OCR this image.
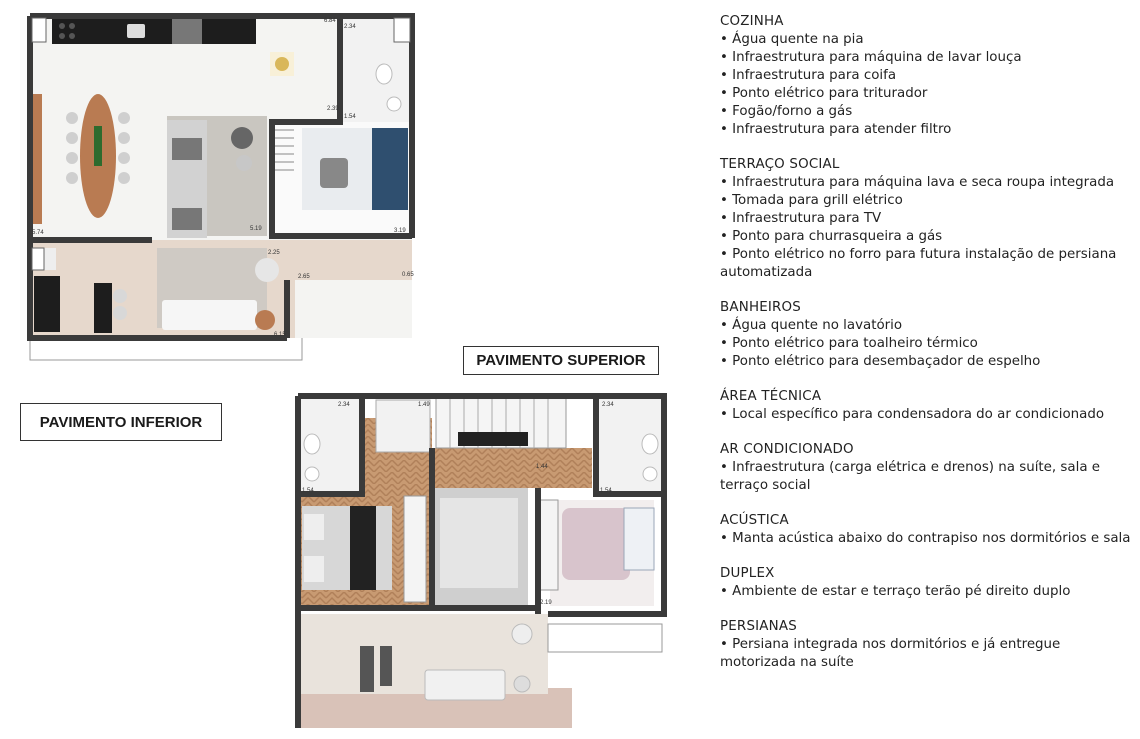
6.84
2.34
2.39
1.54
5.74
5.19	3.19
2.25
2.65	0.65
6.15
PAVIMENTO INFERIOR
PAVIMENTO SUPERIOR
2.34	1.49
1.44
2.34
1.54	1.54
2.19
COZINHA
• Água quente na pia
• Infraestrutura para máquina de lavar louça
• Infraestrutura para coifa
• Ponto elétrico para triturador
• Fogão/forno a gás
• Infraestrutura para atender filtro
TERRAÇO SOCIAL
• Infraestrutura para máquina lava e seca roupa integrada
• Tomada para grill elétrico
• Infraestrutura para TV
• Ponto para churrasqueira a gás
• Ponto elétrico no forro para futura instalação de persiana automatizada
BANHEIROS
• Água quente no lavatório
• Ponto elétrico para toalheiro térmico
• Ponto elétrico para desembaçador de espelho
ÁREA TÉCNICA
• Local específico para condensadora do ar condicionado
AR CONDICIONADO
• Infraestrutura (carga elétrica e drenos) na suíte, sala e terraço social
ACÚSTICA
• Manta acústica abaixo do contrapiso nos dormitórios e sala
DUPLEX
• Ambiente de estar e terraço terão pé direito duplo
PERSIANAS
• Persiana integrada nos dormitórios e já entregue motorizada na suíte
